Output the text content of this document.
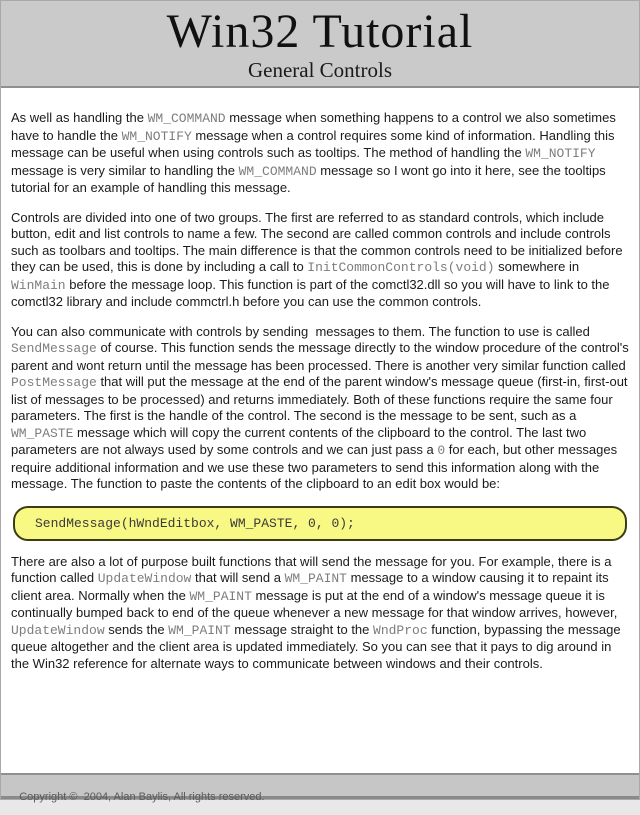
Win32 Tutorial
General Controls

As well as handling the WM_COMMAND message when something happens to a control we also sometimes have to handle the WM_NOTIFY message when a control requires some kind of information. Handling this message can be useful when using controls such as tooltips. The method of handling the WM_NOTIFY message is very similar to handling the WM_COMMAND message so I wont go into it here, see the tooltips tutorial for an example of handling this message.

Controls are divided into one of two groups. The first are referred to as standard controls, which include button, edit and list controls to name a few. The second are called common controls and include controls such as toolbars and tooltips. The main difference is that the common controls need to be initialized before they can be used, this is done by including a call to InitCommonControls(void) somewhere in WinMain before the message loop. This function is part of the comctl32.dll so you will have to link to the comctl32 library and include commctrl.h before you can use the common controls.

You can also communicate with controls by sending  messages to them. The function to use is called SendMessage of course. This function sends the message directly to the window procedure of the control's parent and wont return until the message has been processed. There is another very similar function called PostMessage that will put the message at the end of the parent window's message queue (first-in, first-out list of messages to be processed) and returns immediately. Both of these functions require the same four parameters. The first is the handle of the control. The second is the message to be sent, such as a WM_PASTE message which will copy the current contents of the clipboard to the control. The last two parameters are not always used by some controls and we can just pass a 0 for each, but other messages require additional information and we use these two parameters to send this information along with the message. The function to paste the contents of the clipboard to an edit box would be:

SendMessage(hWndEditbox, WM_PASTE, 0, 0);

There are also a lot of purpose built functions that will send the message for you. For example, there is a function called UpdateWindow that will send a WM_PAINT message to a window causing it to repaint its client area. Normally when the WM_PAINT message is put at the end of a window's message queue it is continually bumped back to end of the queue whenever a new message for that window arrives, however, UpdateWindow sends the WM_PAINT message straight to the WndProc function, bypassing the message queue altogether and the client area is updated immediately. So you can see that it pays to dig around in the Win32 reference for alternate ways to communicate between windows and their controls.

Copyright ©  2004, Alan Baylis, All rights reserved.
